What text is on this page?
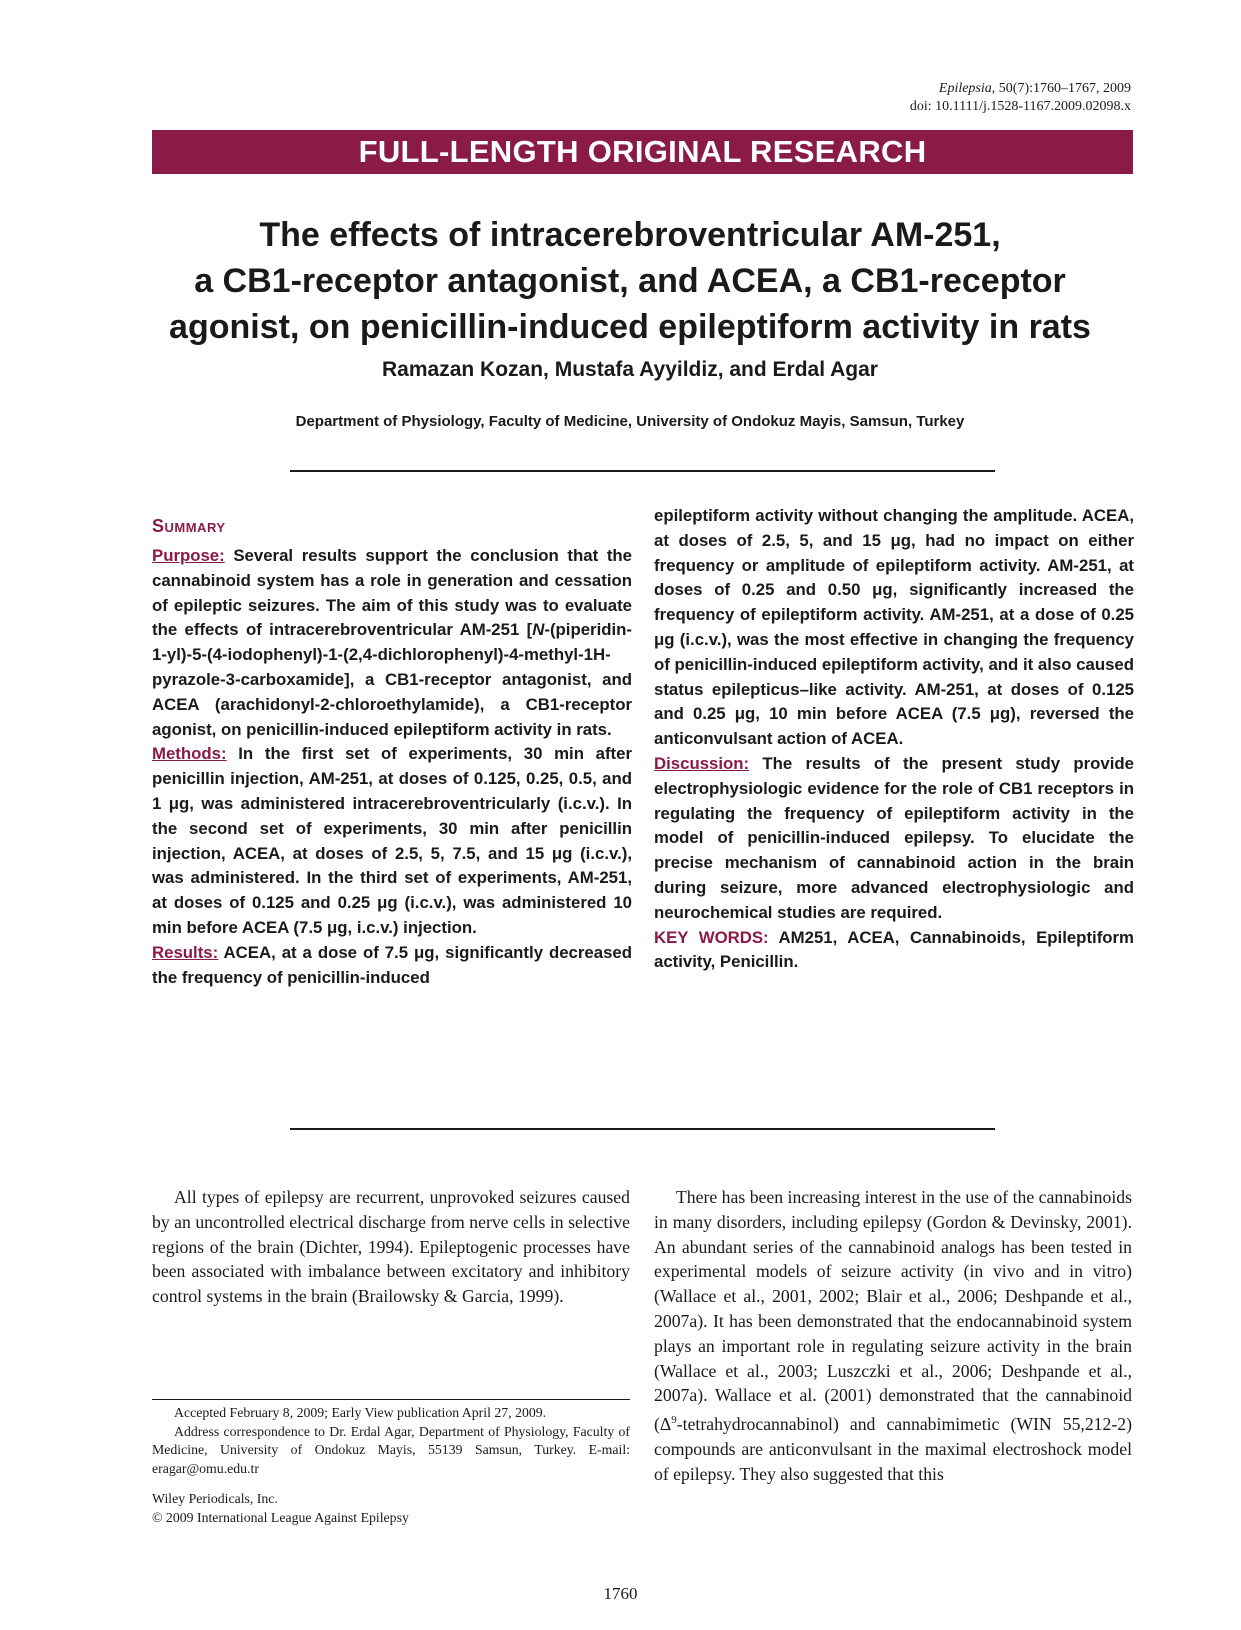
Epilepsia, 50(7):1760–1767, 2009
doi: 10.1111/j.1528-1167.2009.02098.x
FULL-LENGTH ORIGINAL RESEARCH
The effects of intracerebroventricular AM-251,
a CB1-receptor antagonist, and ACEA, a CB1-receptor
agonist, on penicillin-induced epileptiform activity in rats
Ramazan Kozan, Mustafa Ayyildiz, and Erdal Agar
Department of Physiology, Faculty of Medicine, University of Ondokuz Mayis, Samsun, Turkey

Summary

Purpose: Several results support the conclusion that the cannabinoid system has a role in generation and cessation of epileptic seizures. The aim of this study was to evaluate the effects of intracerebroventricular AM-251 [N-(piperidin-1-yl)-5-(4-iodophenyl)-1-(2,4-dichlorophenyl)-4-methyl-1H-pyrazole-3-carboxamide], a CB1-receptor antagonist, and ACEA (arachidonyl-2-chloroethylamide), a CB1-receptor agonist, on penicillin-induced epileptiform activity in rats.

Methods: In the first set of experiments, 30 min after penicillin injection, AM-251, at doses of 0.125, 0.25, 0.5, and 1 μg, was administered intracerebroventricularly (i.c.v.). In the second set of experiments, 30 min after penicillin injection, ACEA, at doses of 2.5, 5, 7.5, and 15 μg (i.c.v.), was administered. In the third set of experiments, AM-251, at doses of 0.125 and 0.25 μg (i.c.v.), was administered 10 min before ACEA (7.5 μg, i.c.v.) injection.

Results: ACEA, at a dose of 7.5 μg, significantly decreased the frequency of penicillin-induced

epileptiform activity without changing the amplitude. ACEA, at doses of 2.5, 5, and 15 μg, had no impact on either frequency or amplitude of epileptiform activity. AM-251, at doses of 0.25 and 0.50 μg, significantly increased the frequency of epileptiform activity. AM-251, at a dose of 0.25 μg (i.c.v.), was the most effective in changing the frequency of penicillin-induced epileptiform activity, and it also caused status epilepticus–like activity. AM-251, at doses of 0.125 and 0.25 μg, 10 min before ACEA (7.5 μg), reversed the anticonvulsant action of ACEA.

Discussion: The results of the present study provide electrophysiologic evidence for the role of CB1 receptors in regulating the frequency of epileptiform activity in the model of penicillin-induced epilepsy. To elucidate the precise mechanism of cannabinoid action in the brain during seizure, more advanced electrophysiologic and neurochemical studies are required.

KEY WORDS: AM251, ACEA, Cannabinoids, Epileptiform activity, Penicillin.

All types of epilepsy are recurrent, unprovoked seizures caused by an uncontrolled electrical discharge from nerve cells in selective regions of the brain (Dichter, 1994). Epileptogenic processes have been associated with imbalance between excitatory and inhibitory control systems in the brain (Brailowsky & Garcia, 1999).

There has been increasing interest in the use of the cannabinoids in many disorders, including epilepsy (Gordon & Devinsky, 2001). An abundant series of the cannabinoid analogs has been tested in experimental models of seizure activity (in vivo and in vitro) (Wallace et al., 2001, 2002; Blair et al., 2006; Deshpande et al., 2007a). It has been demonstrated that the endocannabinoid system plays an important role in regulating seizure activity in the brain (Wallace et al., 2003; Luszczki et al., 2006; Deshpande et al., 2007a). Wallace et al. (2001) demonstrated that the cannabinoid $(\Delta^9-tetrahydrocannabinol)$ and cannabimimetic (WIN 55,212-2) compounds are anticonvulsant in the maximal electroshock model of epilepsy. They also suggested that this

Accepted February 8, 2009; Early View publication April 27, 2009.

Address correspondence to Dr. Erdal Agar, Department of Physiology, Faculty of Medicine, University of Ondokuz Mayis, 55139 Samsun, Turkey. E-mail: eragar@omu.edu.tr

Wiley Periodicals, Inc.

© 2009 International League Against Epilepsy

1760
